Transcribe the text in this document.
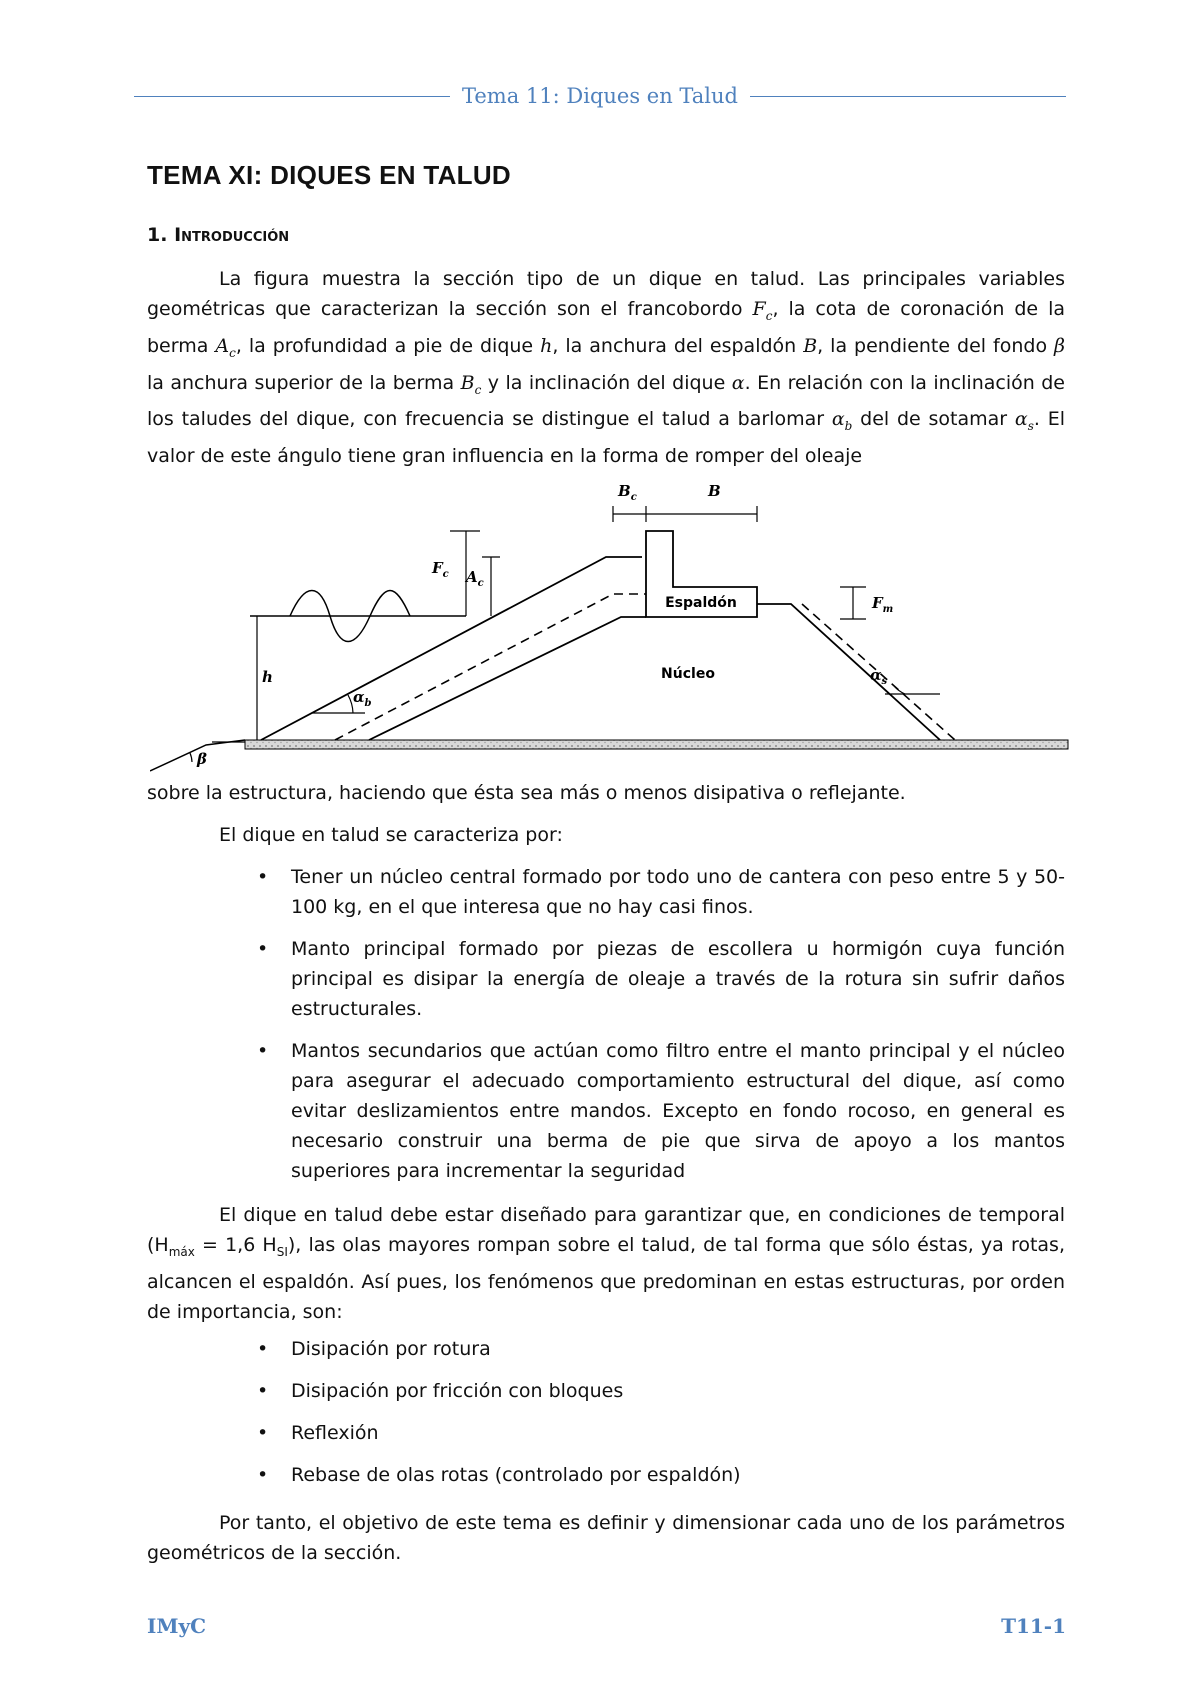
Tema 11: Diques en Talud
TEMA XI: DIQUES EN TALUD
1. Introducción

La figura muestra la sección tipo de un dique en talud. Las principales variables geométricas que caracterizan la sección son el francobordo $F_c$, la cota de coronación de la berma $A_c$, la profundidad a pie de dique h, la anchura del espaldón B, la pendiente del fondo β la anchura superior de la berma $B_c$ y la inclinación del dique α. En relación con la inclinación de los taludes del dique, con frecuencia se distingue el talud a barlomar $\alpha_b$ del de sotamar $\alpha_s$. El valor de este ángulo tiene gran influencia en la forma de romper del oleaje

$B_c$	B
$F_c$ $A_c$
$F_m$
h
$\alpha_b$
$\alpha_s$
β
Espaldón
Núcleo

sobre la estructura, haciendo que ésta sea más o menos disipativa o reflejante.

El dique en talud se caracteriza por:

• Tener un núcleo central formado por todo uno de cantera con peso entre 5 y 50-100 kg, en el que interesa que no hay casi finos.
• Manto principal formado por piezas de escollera u hormigón cuya función principal es disipar la energía de oleaje a través de la rotura sin sufrir daños estructurales.
• Mantos secundarios que actúan como filtro entre el manto principal y el núcleo para asegurar el adecuado comportamiento estructural del dique, así como evitar deslizamientos entre mandos. Excepto en fondo rocoso, en general es necesario construir una berma de pie que sirva de apoyo a los mantos superiores para incrementar la seguridad

El dique en talud debe estar diseñado para garantizar que, en condiciones de temporal ($H_{máx} = 1,6$ $H_{SI}$), las olas mayores rompan sobre el talud, de tal forma que sólo éstas, ya rotas, alcancen el espaldón. Así pues, los fenómenos que predominan en estas estructuras, por orden de importancia, son:

• Disipación por rotura
• Disipación por fricción con bloques
• Reflexión
• Rebase de olas rotas (controlado por espaldón)

Por tanto, el objetivo de este tema es definir y dimensionar cada uno de los parámetros geométricos de la sección.

IMyC	T11-1
